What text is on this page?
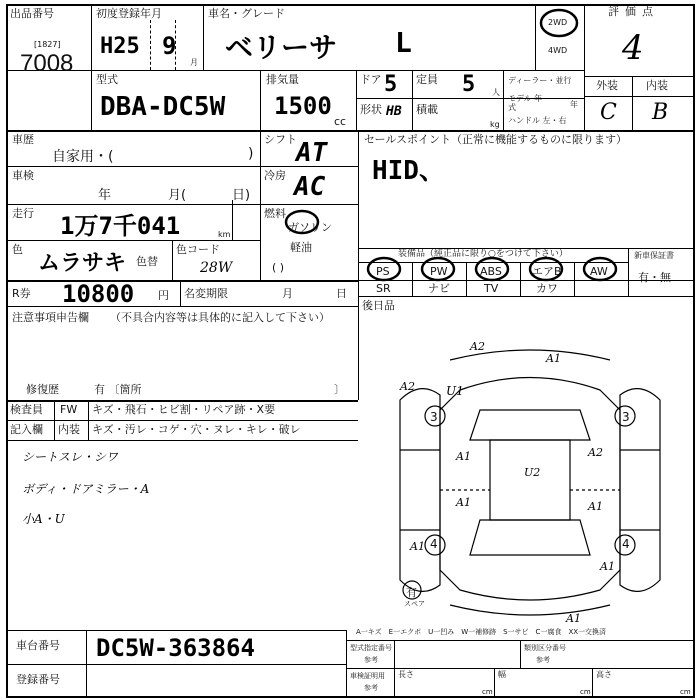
出品番号
[1827]
7008
初度登録年月
H25 9
月
車名・グレード
ベリーサ L
2WD
4WD
評価点
4
外装	内装
C B
型式
DBA-DC5W
排気量
1500
cc
ドア 5 定員 5 人
形状 HB 積載
kg
ディーラー・並行
モデル 年式	年
ハンドル 左・右
車歴
自家用・(	)
シフト AT
車検
年	月(	日)
冷房 AC
走行 1万7千041	km
燃料
ガソリン
軽油
( )
色
ムラサキ 色替
色コード
28W
R券 10800 円 名変期限	月	日
注意事項申告欄 （不具合内容等は具体的に記入して下さい）
修復歴	有 〔箇所	〕
セールスポイント（正常に機能するものに限ります）
HID、
装備品（純正品に限り○をつけて下さい）
PS	PW	ABS	エアB	AW
SR	ナビ	TV	カワ
新車保証書
有・無
後日品
検査員
記入欄
FW キズ・飛石・ヒビ割・リペア跡・X要
内装 キズ・汚レ・コゲ・穴・ヌレ・キレ・破レ
シートスレ・シワ
ボディ・ドアミラー・A
小A・U
A2
A2	U1
U2
A1
A1
A2
A1
A1
3	3
4	4
A1
A1
A1
有
スペア
A一キズ　E一エクボ　U一凹み　W一補修跡　S一サビ　C一腐食　XX一交換済
車台番号 DC5W-363864
登録番号
型式指定番号
参考
類別区分番号
参考
車検証明用
参考
長さ
cm
幅
cm
高さ
cm
